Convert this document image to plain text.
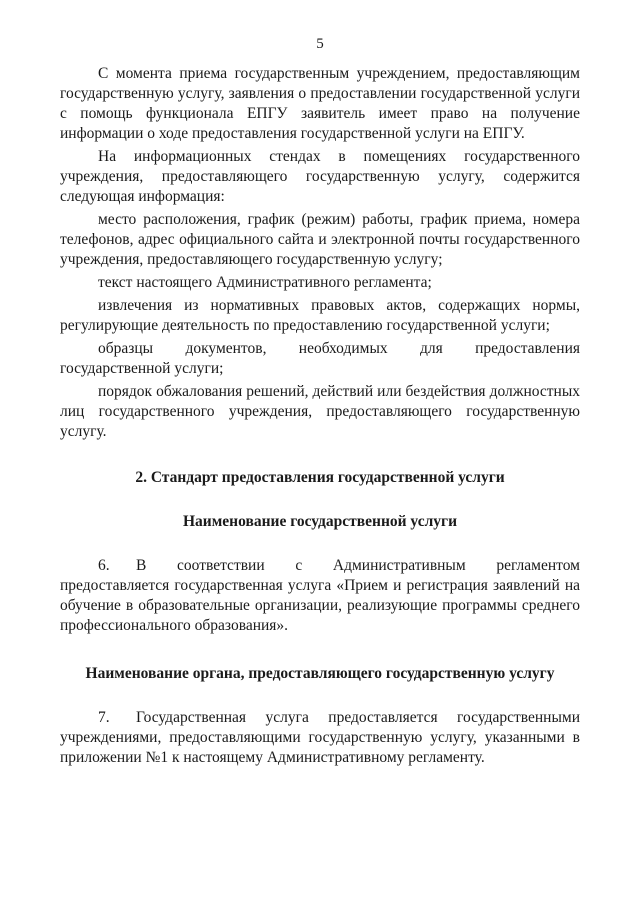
5

С момента приема государственным учреждением, предоставляющим государственную услугу, заявления о предоставлении государственной услуги с помощь функционала ЕПГУ заявитель имеет право на получение информации о ходе предоставления государственной услуги на ЕПГУ.

На информационных стендах в помещениях государственного учреждения, предоставляющего государственную услугу, содержится следующая информация:

место расположения, график (режим) работы, график приема, номера телефонов, адрес официального сайта и электронной почты государственного учреждения, предоставляющего государственную услугу;

текст настоящего Административного регламента;

извлечения из нормативных правовых актов, содержащих нормы, регулирующие деятельность по предоставлению государственной услуги;

образцы документов, необходимых для предоставления государственной услуги;

порядок обжалования решений, действий или бездействия должностных лиц государственного учреждения, предоставляющего государственную услугу.

2. Стандарт предоставления государственной услуги

Наименование государственной услуги

6. В соответствии с Административным регламентом предоставляется государственная услуга «Прием и регистрация заявлений на обучение в образовательные организации, реализующие программы среднего профессионального образования».

Наименование органа, предоставляющего государственную услугу

7. Государственная услуга предоставляется государственными учреждениями, предоставляющими государственную услугу, указанными в приложении №1 к настоящему Административному регламенту.
